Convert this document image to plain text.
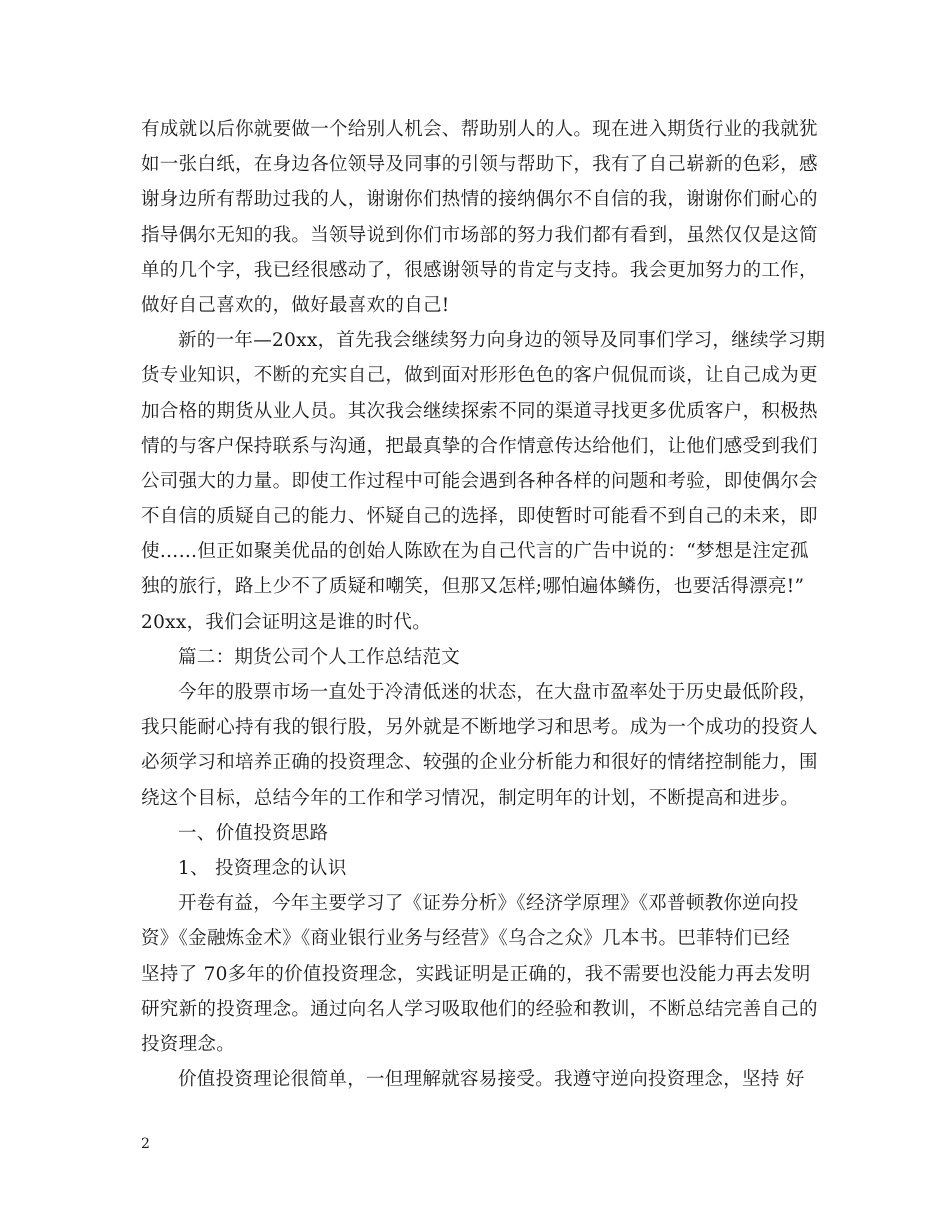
有成就以后你就要做一个给别人机会、帮助别人的人。现在进入期货行业的我就犹
如一张白纸，在身边各位领导及同事的引领与帮助下，我有了自己崭新的色彩，感
谢身边所有帮助过我的人，谢谢你们热情的接纳偶尔不自信的我，谢谢你们耐心的
指导偶尔无知的我。当领导说到你们市场部的努力我们都有看到，虽然仅仅是这简
单的几个字，我已经很感动了，很感谢领导的肯定与支持。我会更加努力的工作，
做好自己喜欢的，做好最喜欢的自己!
新的一年—20xx，首先我会继续努力向身边的领导及同事们学习，继续学习期
货专业知识，不断的充实自己，做到面对形形色色的客户侃侃而谈，让自己成为更
加合格的期货从业人员。其次我会继续探索不同的渠道寻找更多优质客户，积极热
情的与客户保持联系与沟通，把最真挚的合作情意传达给他们，让他们感受到我们
公司强大的力量。即使工作过程中可能会遇到各种各样的问题和考验，即使偶尔会
不自信的质疑自己的能力、怀疑自己的选择，即使暂时可能看不到自己的未来，即
使……但正如聚美优品的创始人陈欧在为自己代言的广告中说的：“梦想是注定孤
独的旅行，路上少不了质疑和嘲笑，但那又怎样;哪怕遍体鳞伤，也要活得漂亮!”
20xx，我们会证明这是谁的时代。
篇二：期货公司个人工作总结范文
今年的股票市场一直处于冷清低迷的状态，在大盘市盈率处于历史最低阶段，
我只能耐心持有我的银行股，另外就是不断地学习和思考。成为一个成功的投资人
必须学习和培养正确的投资理念、较强的企业分析能力和很好的情绪控制能力，围
绕这个目标，总结今年的工作和学习情况，制定明年的计划，不断提高和进步。
一、价值投资思路
1、 投资理念的认识
开卷有益，今年主要学习了《证券分析》《经济学原理》《邓普顿教你逆向投
资》《金融炼金术》《商业银行业务与经营》《乌合之众》几本书。巴菲特们已经
坚持了 70多年的价值投资理念，实践证明是正确的，我不需要也没能力再去发明
研究新的投资理念。通过向名人学习吸取他们的经验和教训，不断总结完善自己的
投资理念。
价值投资理论很简单，一但理解就容易接受。我遵守逆向投资理念，坚持 好
2
